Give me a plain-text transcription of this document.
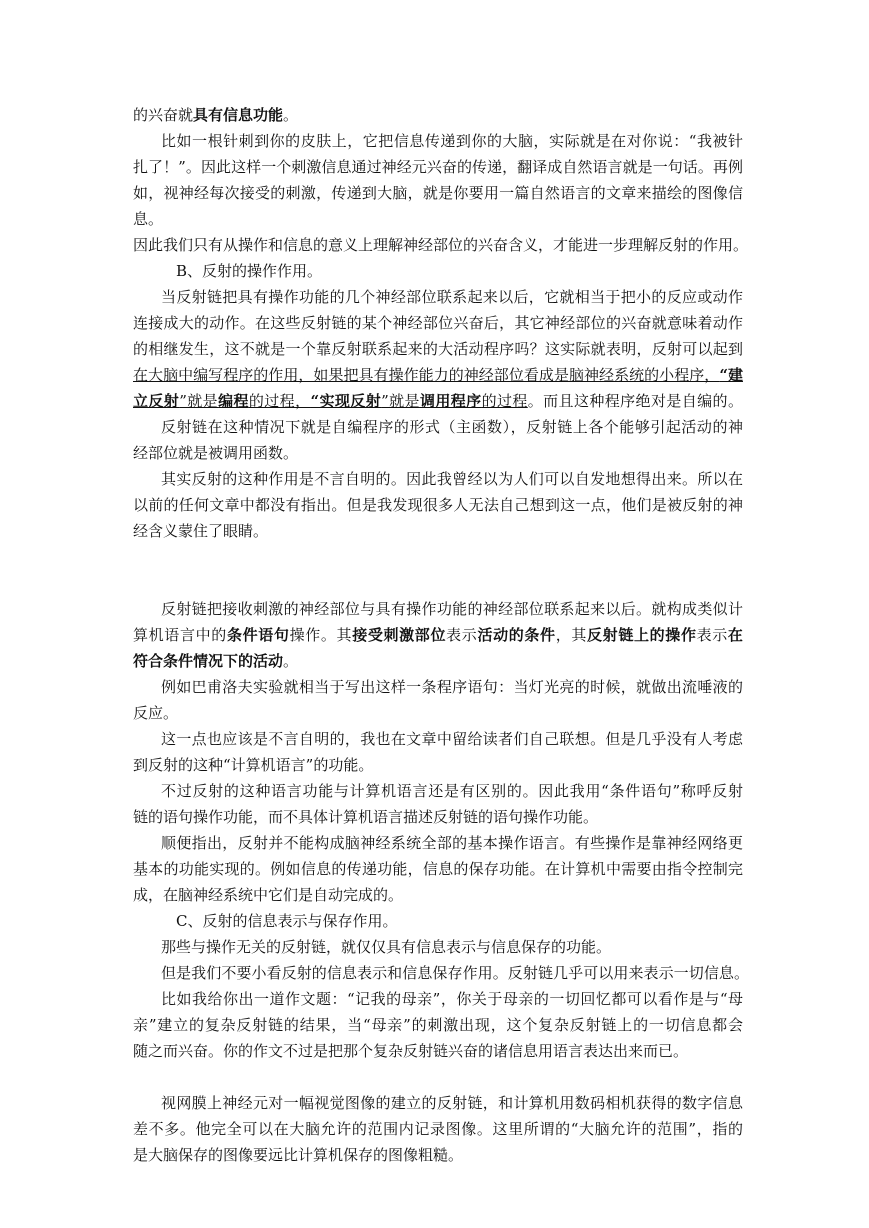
的兴奋就具有信息功能。
比如一根针刺到你的皮肤上，它把信息传递到你的大脑，实际就是在对你说：“我被针
扎了！”。因此这样一个刺激信息通过神经元兴奋的传递，翻译成自然语言就是一句话。再例
如，视神经每次接受的刺激，传递到大脑，就是你要用一篇自然语言的文章来描绘的图像信
息。
因此我们只有从操作和信息的意义上理解神经部位的兴奋含义，才能进一步理解反射的作用。
B、反射的操作作用。
当反射链把具有操作功能的几个神经部位联系起来以后，它就相当于把小的反应或动作
连接成大的动作。在这些反射链的某个神经部位兴奋后，其它神经部位的兴奋就意味着动作
的相继发生，这不就是一个靠反射联系起来的大活动程序吗？这实际就表明，反射可以起到
在大脑中编写程序的作用，如果把具有操作能力的神经部位看成是脑神经系统的小程序，“建
立反射”就是编程的过程，“实现反射”就是调用程序的过程。而且这种程序绝对是自编的。
反射链在这种情况下就是自编程序的形式（主函数），反射链上各个能够引起活动的神
经部位就是被调用函数。
其实反射的这种作用是不言自明的。因此我曾经以为人们可以自发地想得出来。所以在
以前的任何文章中都没有指出。但是我发现很多人无法自己想到这一点，他们是被反射的神
经含义蒙住了眼睛。
反射链把接收刺激的神经部位与具有操作功能的神经部位联系起来以后。就构成类似计
算机语言中的条件语句操作。其接受刺激部位表示活动的条件，其反射链上的操作表示在
符合条件情况下的活动。
例如巴甫洛夫实验就相当于写出这样一条程序语句：当灯光亮的时候，就做出流唾液的
反应。
这一点也应该是不言自明的，我也在文章中留给读者们自己联想。但是几乎没有人考虑
到反射的这种“计算机语言”的功能。
不过反射的这种语言功能与计算机语言还是有区别的。因此我用“条件语句”称呼反射
链的语句操作功能，而不具体计算机语言描述反射链的语句操作功能。
顺便指出，反射并不能构成脑神经系统全部的基本操作语言。有些操作是靠神经网络更
基本的功能实现的。例如信息的传递功能，信息的保存功能。在计算机中需要由指令控制完
成，在脑神经系统中它们是自动完成的。
C、反射的信息表示与保存作用。
那些与操作无关的反射链，就仅仅具有信息表示与信息保存的功能。
但是我们不要小看反射的信息表示和信息保存作用。反射链几乎可以用来表示一切信息。
比如我给你出一道作文题：“记我的母亲”，你关于母亲的一切回忆都可以看作是与“母
亲”建立的复杂反射链的结果，当“母亲”的刺激出现，这个复杂反射链上的一切信息都会
随之而兴奋。你的作文不过是把那个复杂反射链兴奋的诸信息用语言表达出来而已。
视网膜上神经元对一幅视觉图像的建立的反射链，和计算机用数码相机获得的数字信息
差不多。他完全可以在大脑允许的范围内记录图像。这里所谓的“大脑允许的范围”，指的
是大脑保存的图像要远比计算机保存的图像粗糙。
